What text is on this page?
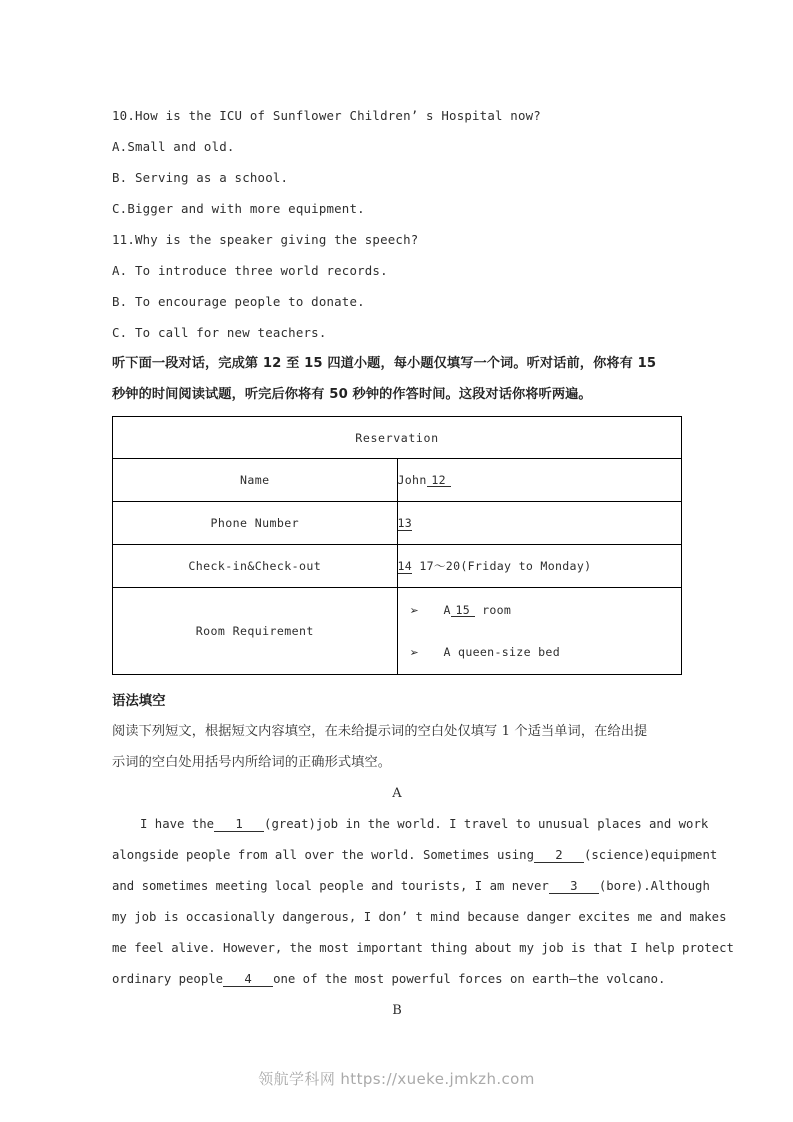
10.How is the ICU of Sunflower Children’ s Hospital now?
A.Small and old.
B. Serving as a school.
C.Bigger and with more equipment.
11.Why is the speaker giving the speech?
A. To introduce three world records.
B. To encourage people to donate.
C. To call for new teachers.
听下面一段对话，完成第 12 至 15 四道小题，每小题仅填写一个词。听对话前，你将有 15
秒钟的时间阅读试题，听完后你将有 50 秒钟的作答时间。这段对话你将听两遍。
Reservation	
Name	John 12
Phone Number	13
Check-in&Check-out	14 17～20(Friday to Monday)
Room Requirement	➢ A 15 room
➢ A queen-size bed
语法填空
阅读下列短文，根据短文内容填空，在未给提示词的空白处仅填写 1 个适当单词，在给出提
示词的空白处用括号内所给词的正确形式填空。
A
I have the 1 (great)job in the world. I travel to unusual places and work
alongside people from all over the world. Sometimes using 2 (science)equipment
and sometimes meeting local people and tourists, I am never 3 (bore).Although
my job is occasionally dangerous, I don’ t mind because danger excites me and makes
me feel alive. However, the most important thing about my job is that I help protect
ordinary people 4 one of the most powerful forces on earth—the volcano.
B
领航学科网 https://xueke.jmkzh.com
